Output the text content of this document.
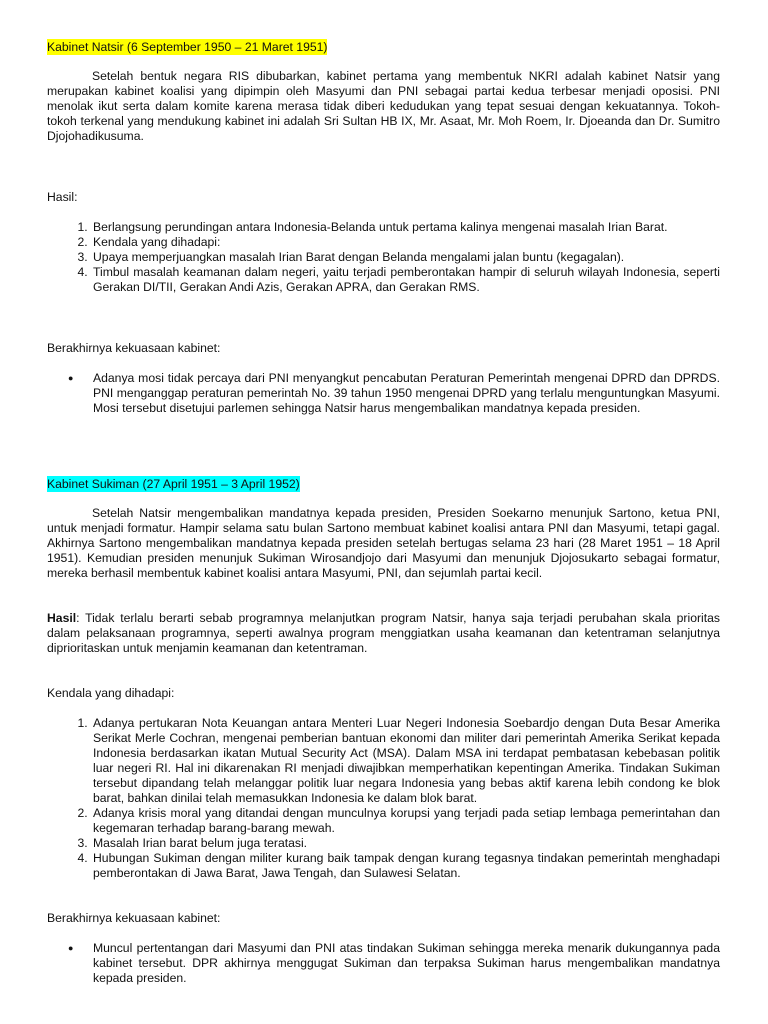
Kabinet Natsir (6 September 1950 – 21 Maret 1951)

Setelah bentuk negara RIS dibubarkan, kabinet pertama yang membentuk NKRI adalah kabinet Natsir yang merupakan kabinet koalisi yang dipimpin oleh Masyumi dan PNI sebagai partai kedua terbesar menjadi oposisi. PNI menolak ikut serta dalam komite karena merasa tidak diberi kedudukan yang tepat sesuai dengan kekuatannya. Tokoh-tokoh terkenal yang mendukung kabinet ini adalah Sri Sultan HB IX, Mr. Asaat, Mr. Moh Roem, Ir. Djoeanda dan Dr. Sumitro Djojohadikusuma.

Hasil:

1. Berlangsung perundingan antara Indonesia-Belanda untuk pertama kalinya mengenai masalah Irian Barat.
2. Kendala yang dihadapi:
3. Upaya memperjuangkan masalah Irian Barat dengan Belanda mengalami jalan buntu (kegagalan).
4. Timbul masalah keamanan dalam negeri, yaitu terjadi pemberontakan hampir di seluruh wilayah Indonesia, seperti Gerakan DI/TII, Gerakan Andi Azis, Gerakan APRA, dan Gerakan RMS.

Berakhirnya kekuasaan kabinet:

● Adanya mosi tidak percaya dari PNI menyangkut pencabutan Peraturan Pemerintah mengenai DPRD dan DPRDS. PNI menganggap peraturan pemerintah No. 39 tahun 1950 mengenai DPRD yang terlalu menguntungkan Masyumi. Mosi tersebut disetujui parlemen sehingga Natsir harus mengembalikan mandatnya kepada presiden.
Kabinet Sukiman (27 April 1951 – 3 April 1952)

Setelah Natsir mengembalikan mandatnya kepada presiden, Presiden Soekarno menunjuk Sartono, ketua PNI, untuk menjadi formatur. Hampir selama satu bulan Sartono membuat kabinet koalisi antara PNI dan Masyumi, tetapi gagal. Akhirnya Sartono mengembalikan mandatnya kepada presiden setelah bertugas selama 23 hari (28 Maret 1951 – 18 April 1951). Kemudian presiden menunjuk Sukiman Wirosandjojo dari Masyumi dan menunjuk Djojosukarto sebagai formatur, mereka berhasil membentuk kabinet koalisi antara Masyumi, PNI, dan sejumlah partai kecil.

Hasil: Tidak terlalu berarti sebab programnya melanjutkan program Natsir, hanya saja terjadi perubahan skala prioritas dalam pelaksanaan programnya, seperti awalnya program menggiatkan usaha keamanan dan ketentraman selanjutnya diprioritaskan untuk menjamin keamanan dan ketentraman.

Kendala yang dihadapi:

1. Adanya pertukaran Nota Keuangan antara Menteri Luar Negeri Indonesia Soebardjo dengan Duta Besar Amerika Serikat Merle Cochran, mengenai pemberian bantuan ekonomi dan militer dari pemerintah Amerika Serikat kepada Indonesia berdasarkan ikatan Mutual Security Act (MSA). Dalam MSA ini terdapat pembatasan kebebasan politik luar negeri RI. Hal ini dikarenakan RI menjadi diwajibkan memperhatikan kepentingan Amerika. Tindakan Sukiman tersebut dipandang telah melanggar politik luar negara Indonesia yang bebas aktif karena lebih condong ke blok barat, bahkan dinilai telah memasukkan Indonesia ke dalam blok barat.
2. Adanya krisis moral yang ditandai dengan munculnya korupsi yang terjadi pada setiap lembaga pemerintahan dan kegemaran terhadap barang-barang mewah.
3. Masalah Irian barat belum juga teratasi.
4. Hubungan Sukiman dengan militer kurang baik tampak dengan kurang tegasnya tindakan pemerintah menghadapi pemberontakan di Jawa Barat, Jawa Tengah, dan Sulawesi Selatan.

Berakhirnya kekuasaan kabinet:

● Muncul pertentangan dari Masyumi dan PNI atas tindakan Sukiman sehingga mereka menarik dukungannya pada kabinet tersebut. DPR akhirnya menggugat Sukiman dan terpaksa Sukiman harus mengembalikan mandatnya kepada presiden.
